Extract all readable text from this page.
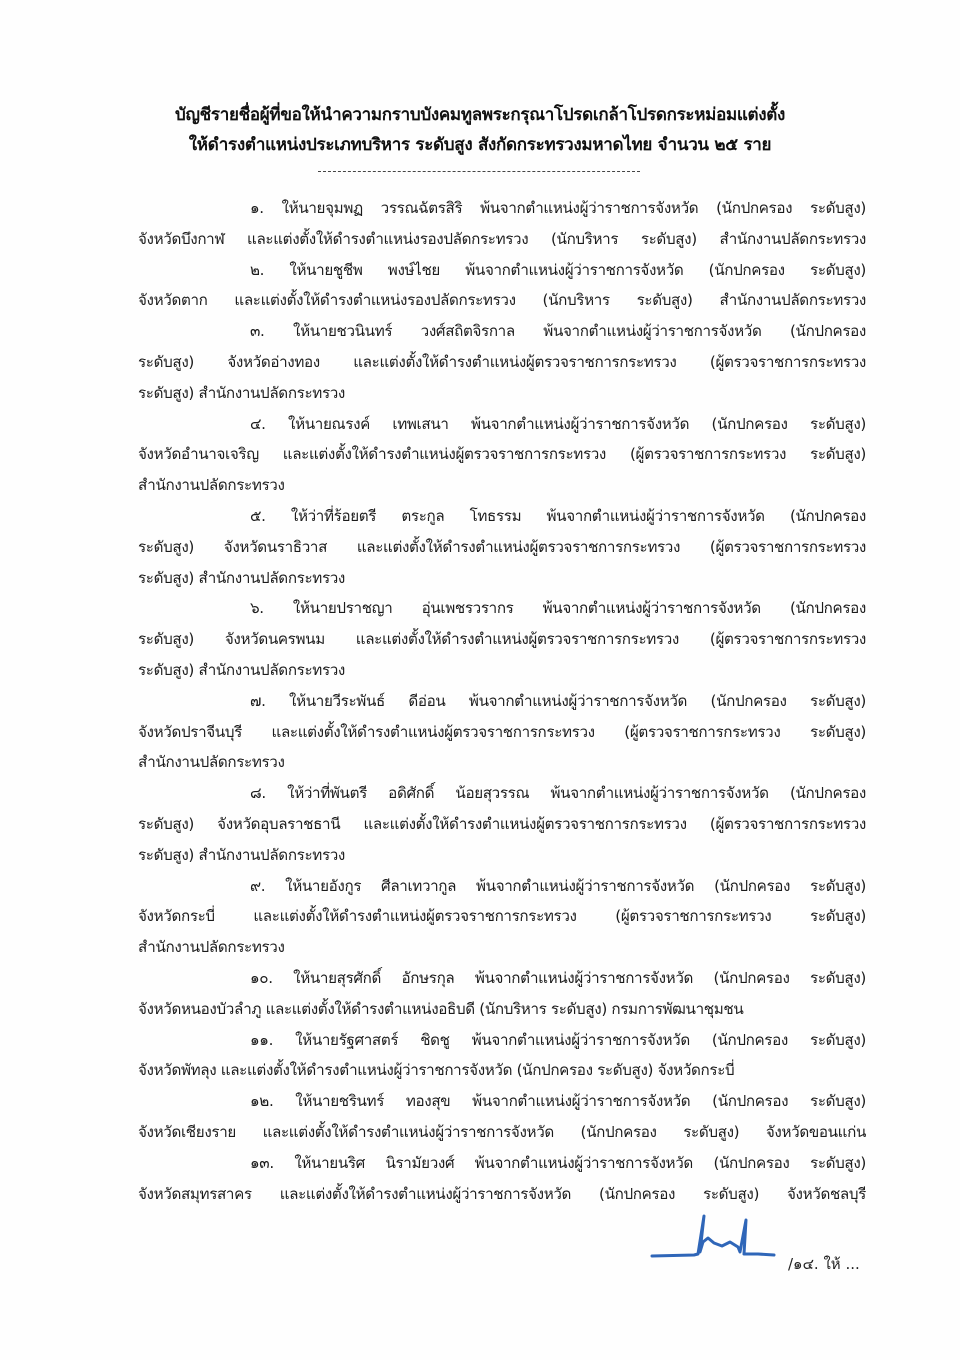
บัญชีรายชื่อผู้ที่ขอให้นำความกราบบังคมทูลพระกรุณาโปรดเกล้าโปรดกระหม่อมแต่งตั้ง
ให้ดำรงตำแหน่งประเภทบริหาร ระดับสูง สังกัดกระทรวงมหาดไทย จำนวน ๒๕ ราย
๑. ให้นายจุมพฏ วรรณฉัตรสิริ พ้นจากตำแหน่งผู้ว่าราชการจังหวัด (นักปกครอง ระดับสูง)
จังหวัดบึงกาฬ และแต่งตั้งให้ดำรงตำแหน่งรองปลัดกระทรวง (นักบริหาร ระดับสูง) สำนักงานปลัดกระทรวง
๒. ให้นายชูชีพ พงษ์ไชย พ้นจากตำแหน่งผู้ว่าราชการจังหวัด (นักปกครอง ระดับสูง)
จังหวัดตาก และแต่งตั้งให้ดำรงตำแหน่งรองปลัดกระทรวง (นักบริหาร ระดับสูง) สำนักงานปลัดกระทรวง
๓. ให้นายชวนินทร์ วงศ์สถิตจิรกาล พ้นจากตำแหน่งผู้ว่าราชการจังหวัด (นักปกครอง
ระดับสูง) จังหวัดอ่างทอง และแต่งตั้งให้ดำรงตำแหน่งผู้ตรวจราชการกระทรวง (ผู้ตรวจราชการกระทรวง
ระดับสูง) สำนักงานปลัดกระทรวง
๔. ให้นายณรงค์ เทพเสนา พ้นจากตำแหน่งผู้ว่าราชการจังหวัด (นักปกครอง ระดับสูง)
จังหวัดอำนาจเจริญ และแต่งตั้งให้ดำรงตำแหน่งผู้ตรวจราชการกระทรวง (ผู้ตรวจราชการกระทรวง ระดับสูง)
สำนักงานปลัดกระทรวง
๕. ให้ว่าที่ร้อยตรี ตระกูล โทธรรม พ้นจากตำแหน่งผู้ว่าราชการจังหวัด (นักปกครอง
ระดับสูง) จังหวัดนราธิวาส และแต่งตั้งให้ดำรงตำแหน่งผู้ตรวจราชการกระทรวง (ผู้ตรวจราชการกระทรวง
ระดับสูง) สำนักงานปลัดกระทรวง
๖. ให้นายปราชญา อุ่นเพชรวรากร พ้นจากตำแหน่งผู้ว่าราชการจังหวัด (นักปกครอง
ระดับสูง) จังหวัดนครพนม และแต่งตั้งให้ดำรงตำแหน่งผู้ตรวจราชการกระทรวง (ผู้ตรวจราชการกระทรวง
ระดับสูง) สำนักงานปลัดกระทรวง
๗. ให้นายวีระพันธ์ ดีอ่อน พ้นจากตำแหน่งผู้ว่าราชการจังหวัด (นักปกครอง ระดับสูง)
จังหวัดปราจีนบุรี และแต่งตั้งให้ดำรงตำแหน่งผู้ตรวจราชการกระทรวง (ผู้ตรวจราชการกระทรวง ระดับสูง)
สำนักงานปลัดกระทรวง
๘. ให้ว่าที่พันตรี อดิศักดิ์ น้อยสุวรรณ พ้นจากตำแหน่งผู้ว่าราชการจังหวัด (นักปกครอง
ระดับสูง) จังหวัดอุบลราชธานี และแต่งตั้งให้ดำรงตำแหน่งผู้ตรวจราชการกระทรวง (ผู้ตรวจราชการกระทรวง
ระดับสูง) สำนักงานปลัดกระทรวง
๙. ให้นายอังกูร ศีลาเทวากูล พ้นจากตำแหน่งผู้ว่าราชการจังหวัด (นักปกครอง ระดับสูง)
จังหวัดกระบี่ และแต่งตั้งให้ดำรงตำแหน่งผู้ตรวจราชการกระทรวง (ผู้ตรวจราชการกระทรวง ระดับสูง)
สำนักงานปลัดกระทรวง
๑๐. ให้นายสุรศักดิ์ อักษรกุล พ้นจากตำแหน่งผู้ว่าราชการจังหวัด (นักปกครอง ระดับสูง)
จังหวัดหนองบัวลำภู และแต่งตั้งให้ดำรงตำแหน่งอธิบดี (นักบริหาร ระดับสูง) กรมการพัฒนาชุมชน
๑๑. ให้นายรัฐศาสตร์ ชิดชู พ้นจากตำแหน่งผู้ว่าราชการจังหวัด (นักปกครอง ระดับสูง)
จังหวัดพัทลุง และแต่งตั้งให้ดำรงตำแหน่งผู้ว่าราชการจังหวัด (นักปกครอง ระดับสูง) จังหวัดกระบี่
๑๒. ให้นายชรินทร์ ทองสุข พ้นจากตำแหน่งผู้ว่าราชการจังหวัด (นักปกครอง ระดับสูง)
จังหวัดเชียงราย และแต่งตั้งให้ดำรงตำแหน่งผู้ว่าราชการจังหวัด (นักปกครอง ระดับสูง) จังหวัดขอนแก่น
๑๓. ให้นายนริศ นิรามัยวงศ์ พ้นจากตำแหน่งผู้ว่าราชการจังหวัด (นักปกครอง ระดับสูง)
จังหวัดสมุทรสาคร และแต่งตั้งให้ดำรงตำแหน่งผู้ว่าราชการจังหวัด (นักปกครอง ระดับสูง) จังหวัดชลบุรี
/๑๔. ให้ ...
